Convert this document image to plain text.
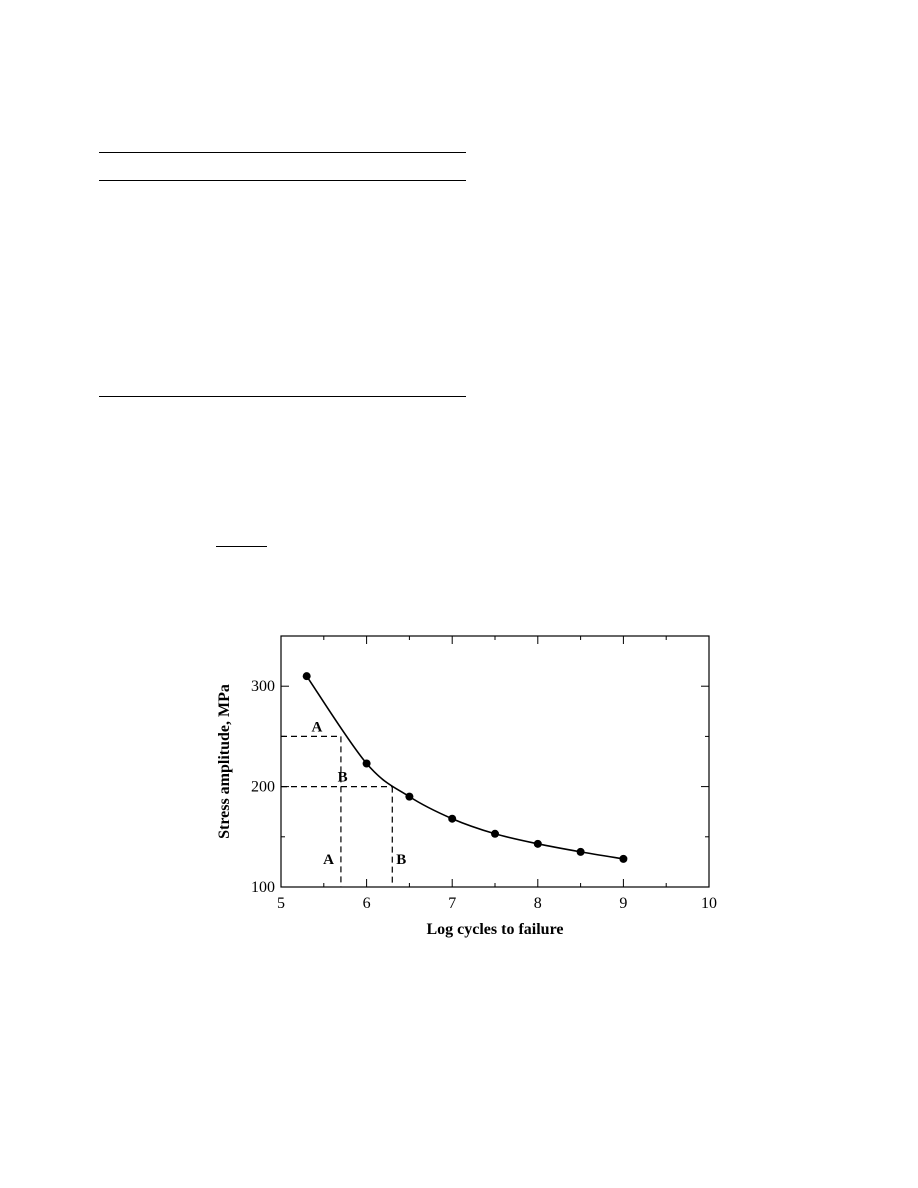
5	6	7	8	9	10
100
200
300
A
A
B
B
Log cycles to failure
Stress amplitude, MPa
